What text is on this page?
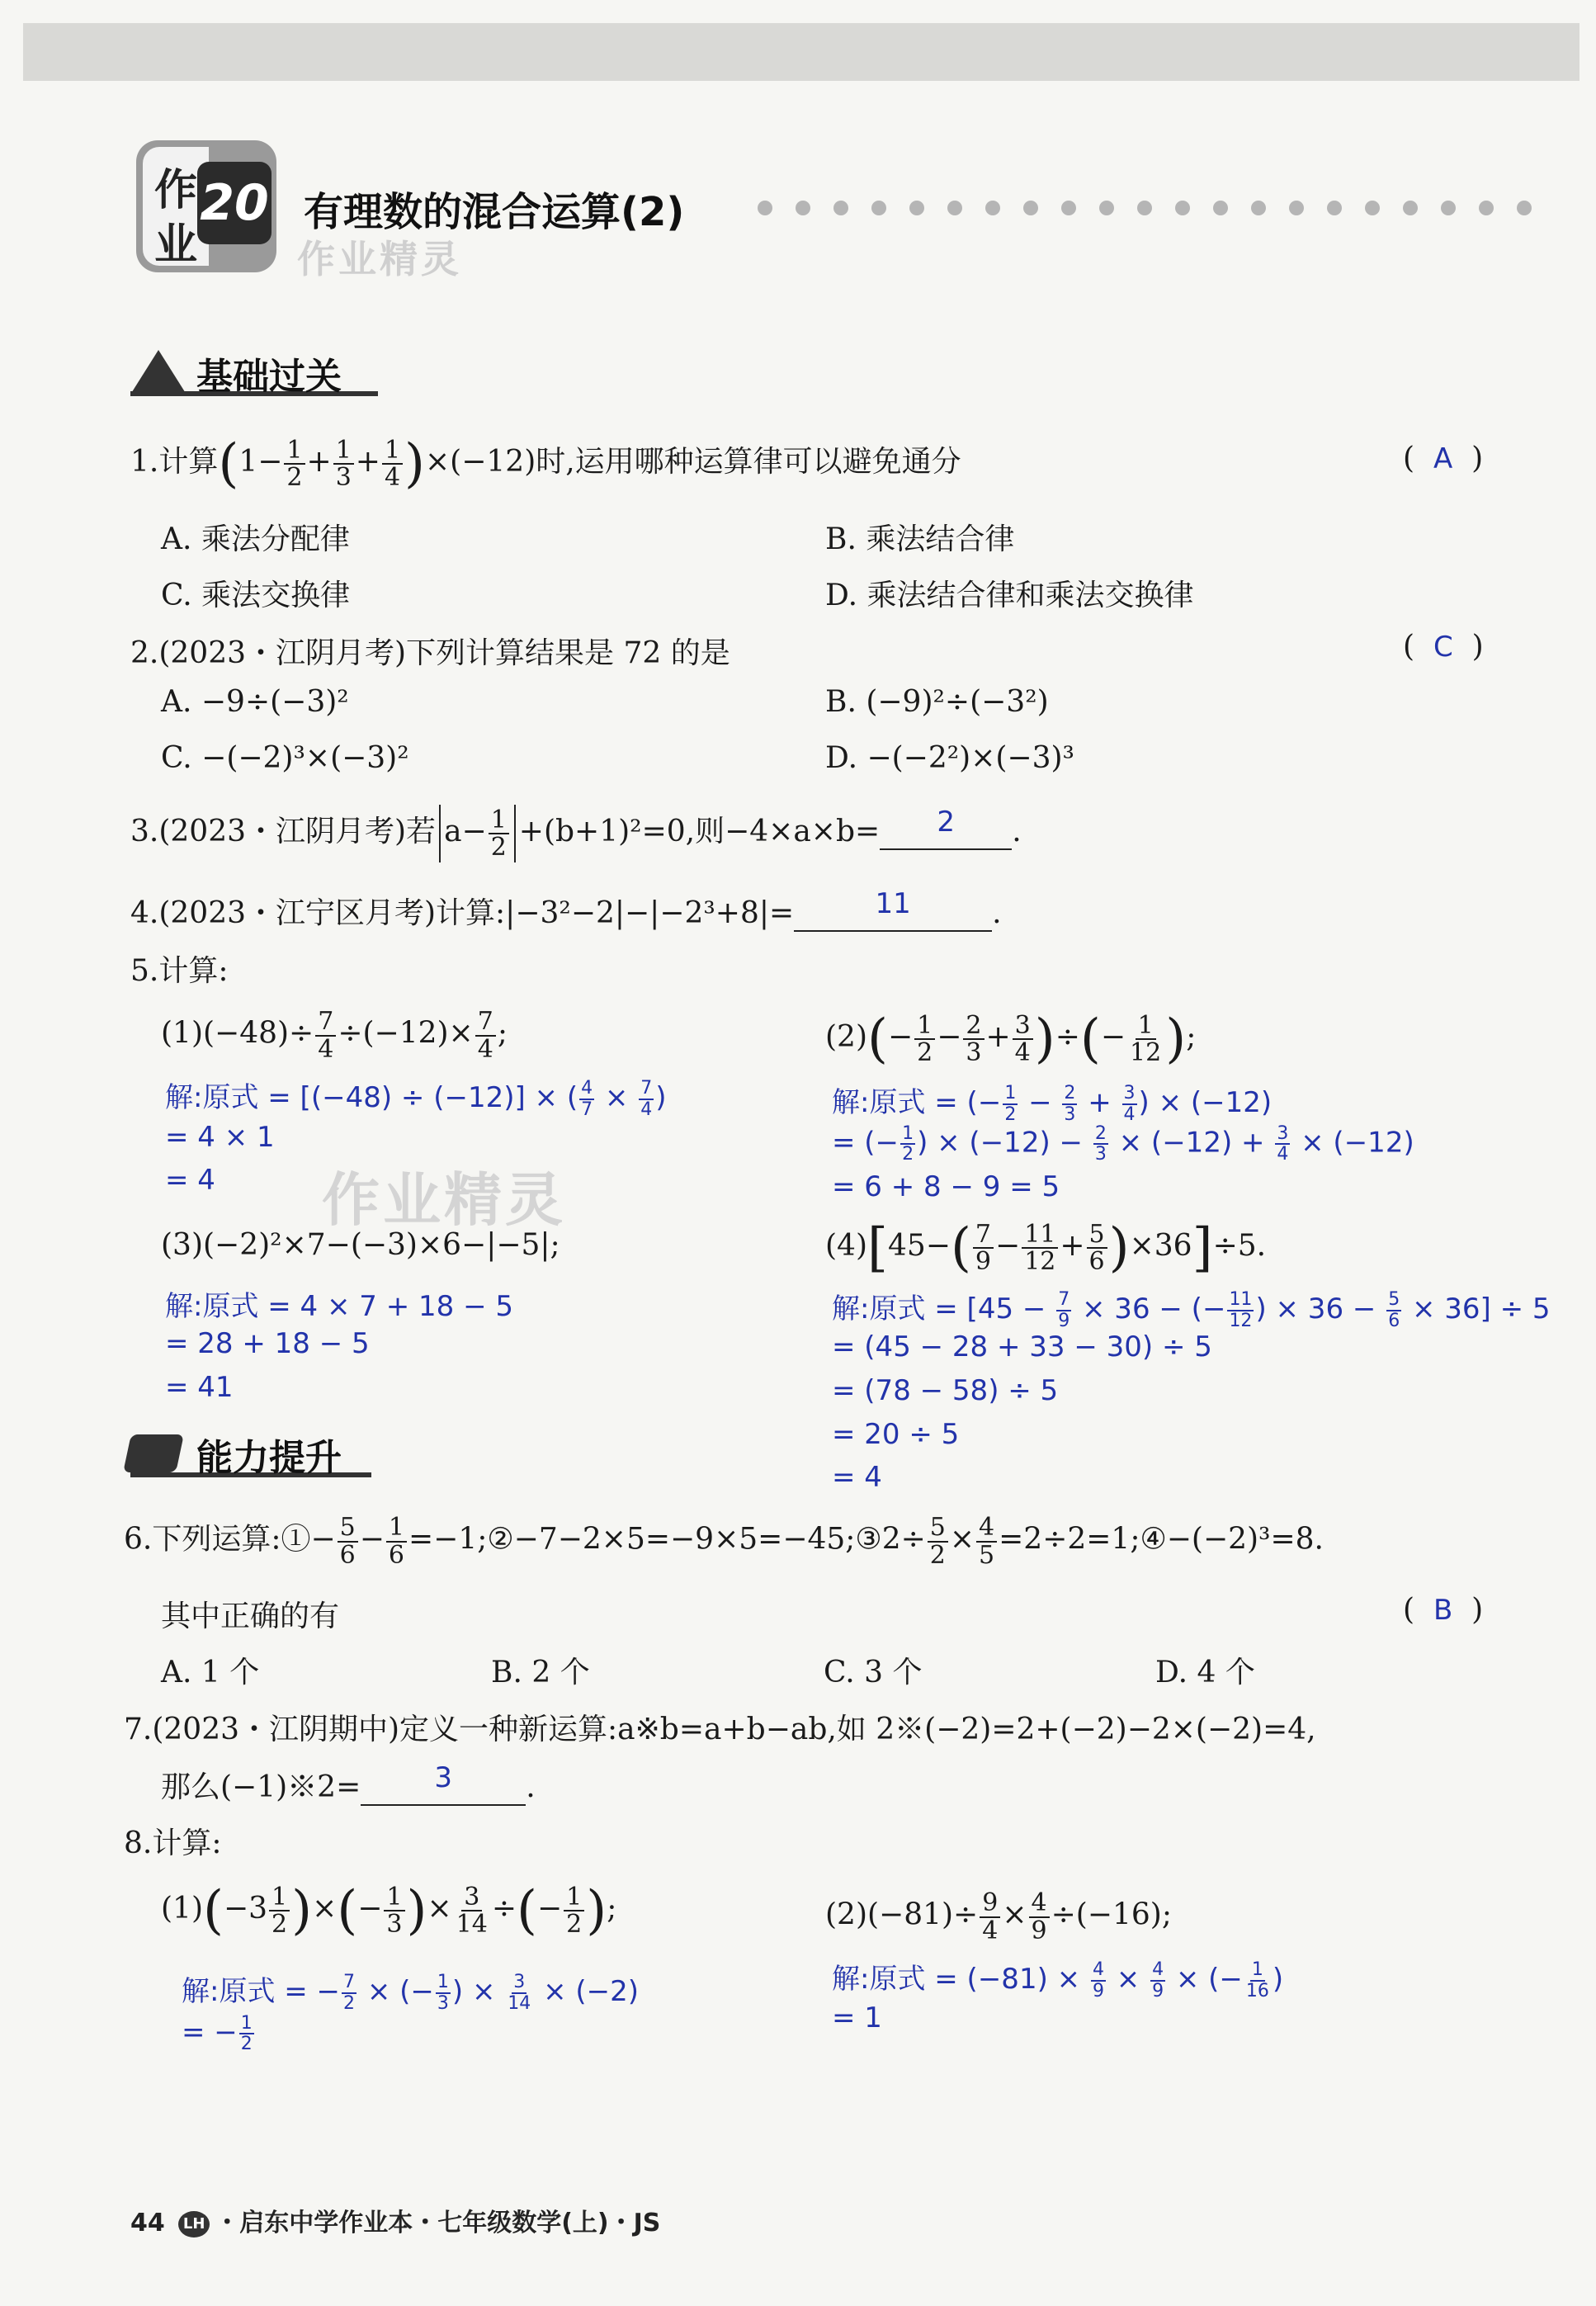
作
业
20 有理数的混合运算(2)
作业精灵
基础过关
1.计算$(1- \frac{1}{2} + \frac{1}{3} + \frac{1}{4} )\times(-12)$时,运用哪种运算律可以避免通分	(  A  )
A. 乘法分配律	B. 乘法结合律
C. 乘法交换律	D. 乘法结合律和乘法交换律
2.(2023・江阴月考)下列计算结果是 72 的是	(  C  )
A. −9÷(−3)²	B. (−9)²÷(−3²)
C. −(−2)³×(−3)²	D. −(−2²)×(−3)³
3.(2023・江阴月考)若 $a- \frac{1}{2} +(b+1)^2=0$,则−4×a×b= 2 .
4.(2023・江宁区月考)计算:|−3²−2|−|−2³+8|=	11	.
5.计算:
$(1)(-48)\div \frac{7}{4} \div(-12)\times \frac{7}{4}$ ;
解:原式 = [(−48) ÷ (−12)] × ( $\frac{4}{7} \times \frac{7}{4}$ )
= 4 × 1
= 4
$(2)(- \frac{1}{2} - \frac{2}{3} + \frac{3}{4}$ )÷(− $\frac{1}{12}$ );
解:原式 = (− $\frac{1}{2} - \frac{2}{3} + \frac{3}{4}$ ) × (−12)
= (− $\frac{1}{2}$ ) × $(-12) - \frac{2}{3} \times (-12) + \frac{3}{4} \times (-12)$
= 6 + 8 − 9 = 5
作业精灵
(3)(−2)²×7−(−3)×6−|−5|;
解:原式 = 4 × 7 + 18 − 5
= 28 + 18 − 5
= 41
$(4)[45-( \frac{7}{9} - \frac{11}{12} + \frac{5}{6} )\times 36]\div 5$.
解:原式 = [$45 - \frac{7}{9} \times 36$ − (− $\frac{11}{12}$ ) × $36 - \frac{5}{6} \times 36] \div 5$
= (45 − 28 + 33 − 30) ÷ 5
= (78 − 58) ÷ 5
= 20 ÷ 5
= 4
能力提升
6.下列运算:①− $\frac{5}{6} - \frac{1}{6}$ =−1;②−7−2×5=−9×5=−45;③2÷ $\frac{5}{2} \times \frac{4}{5}$ =2÷2=1;④−(−2)³=8.
其中正确的有	(  B  )
A. 1 个	B. 2 个	C. 3 个	D. 4 个
7.(2023・江阴期中)定义一种新运算:a※b=a+b−ab,如 2※(−2)=2+(−2)−2×(−2)=4,
那么(−1)※2=	3 .
8.计算:
$(1)(-3 \frac{1}{2}$ )×(− $\frac{1}{3}$ )× $\frac{3}{14}$ ÷(− $\frac{1}{2}$ );
解:原式 = − $\frac{7}{2}$ × (− $\frac{1}{3}$ ) × $\frac{3}{14} \times (-2)$
= − $\frac{1}{2}$
$(2)(-81)\div \frac{9}{4} \times \frac{4}{9} \div(-16)$;
解:原式 = $(-81) \times \frac{4}{9} \times \frac{4}{9}$ × (− $\frac{1}{16}$ )
= 1
44 LH ・启东中学作业本・七年级数学(上)・JS
